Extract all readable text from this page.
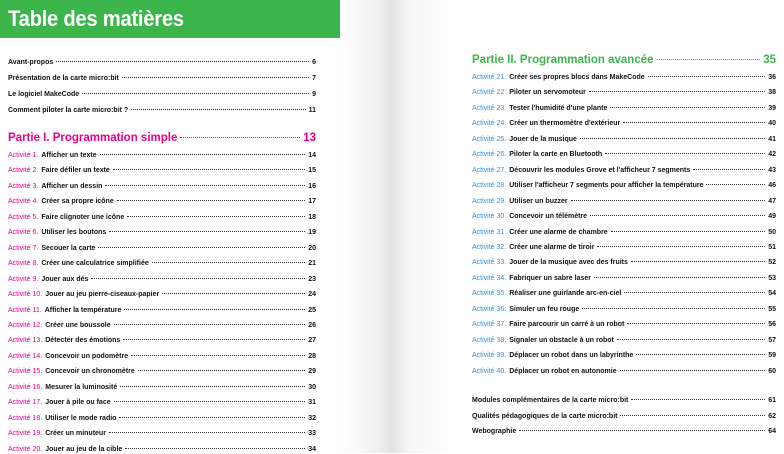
Table des matières
Avant-propos	6
Présentation de la carte micro:bit	7
Le logiciel MakeCode	9
Comment piloter la carte micro:bit ?	11
Partie I. Programmation simple	13
Activité 1. Afficher un texte	14
Activité 2. Faire défiler un texte	15
Activité 3. Afficher un dessin	16
Activité 4. Créer sa propre icône	17
Activité 5. Faire clignoter une icône	18
Activité 6. Utiliser les boutons	19
Activité 7. Secouer la carte	20
Activité 8. Créer une calculatrice simplifiée	21
Activité 9. Jouer aux dés	23
Activité 10. Jouer au jeu pierre-ciseaux-papier	24
Activité 11. Afficher la température	25
Activité 12. Créer une boussole	26
Activité 13. Détecter des émotions	27
Activité 14. Concevoir un podomètre	28
Activité 15. Concevoir un chronomètre	29
Activité 16. Mesurer la luminosité	30
Activité 17. Jouer à pile ou face	31
Activité 18. Utiliser le mode radio	32
Activité 19. Créer un minuteur	33
Activité 20. Jouer au jeu de la cible	34
Partie II. Programmation avancée	35
Activité 21. Créer ses propres blocs dans MakeCode	36
Activité 22. Piloter un servomoteur	38
Activité 23. Tester l'humidité d'une plante	39
Activité 24. Créer un thermomètre d'extérieur	40
Activité 25. Jouer de la musique	41
Activité 26. Piloter la carte en Bluetooth	42
Activité 27. Découvrir les modules Grove et l'afficheur 7 segments	43
Activité 28. Utiliser l'afficheur 7 segments pour afficher la température	46
Activité 29. Utiliser un buzzer	47
Activité 30. Concevoir un télémètre	49
Activité 31. Créer une alarme de chambre	50
Activité 32. Créer une alarme de tiroir	51
Activité 33. Jouer de la musique avec des fruits	52
Activité 34. Fabriquer un sabre laser	53
Activité 35. Réaliser une guirlande arc-en-ciel	54
Activité 36. Simuler un feu rouge	55
Activité 37. Faire parcourir un carré à un robot	56
Activité 38. Signaler un obstacle à un robot	57
Activité 39. Déplacer un robot dans un labyrinthe	59
Activité 40. Déplacer un robot en autonomie	60
Modules complémentaires de la carte micro:bit	61
Qualités pédagogiques de la carte micro:bit	62
Webographie	64
